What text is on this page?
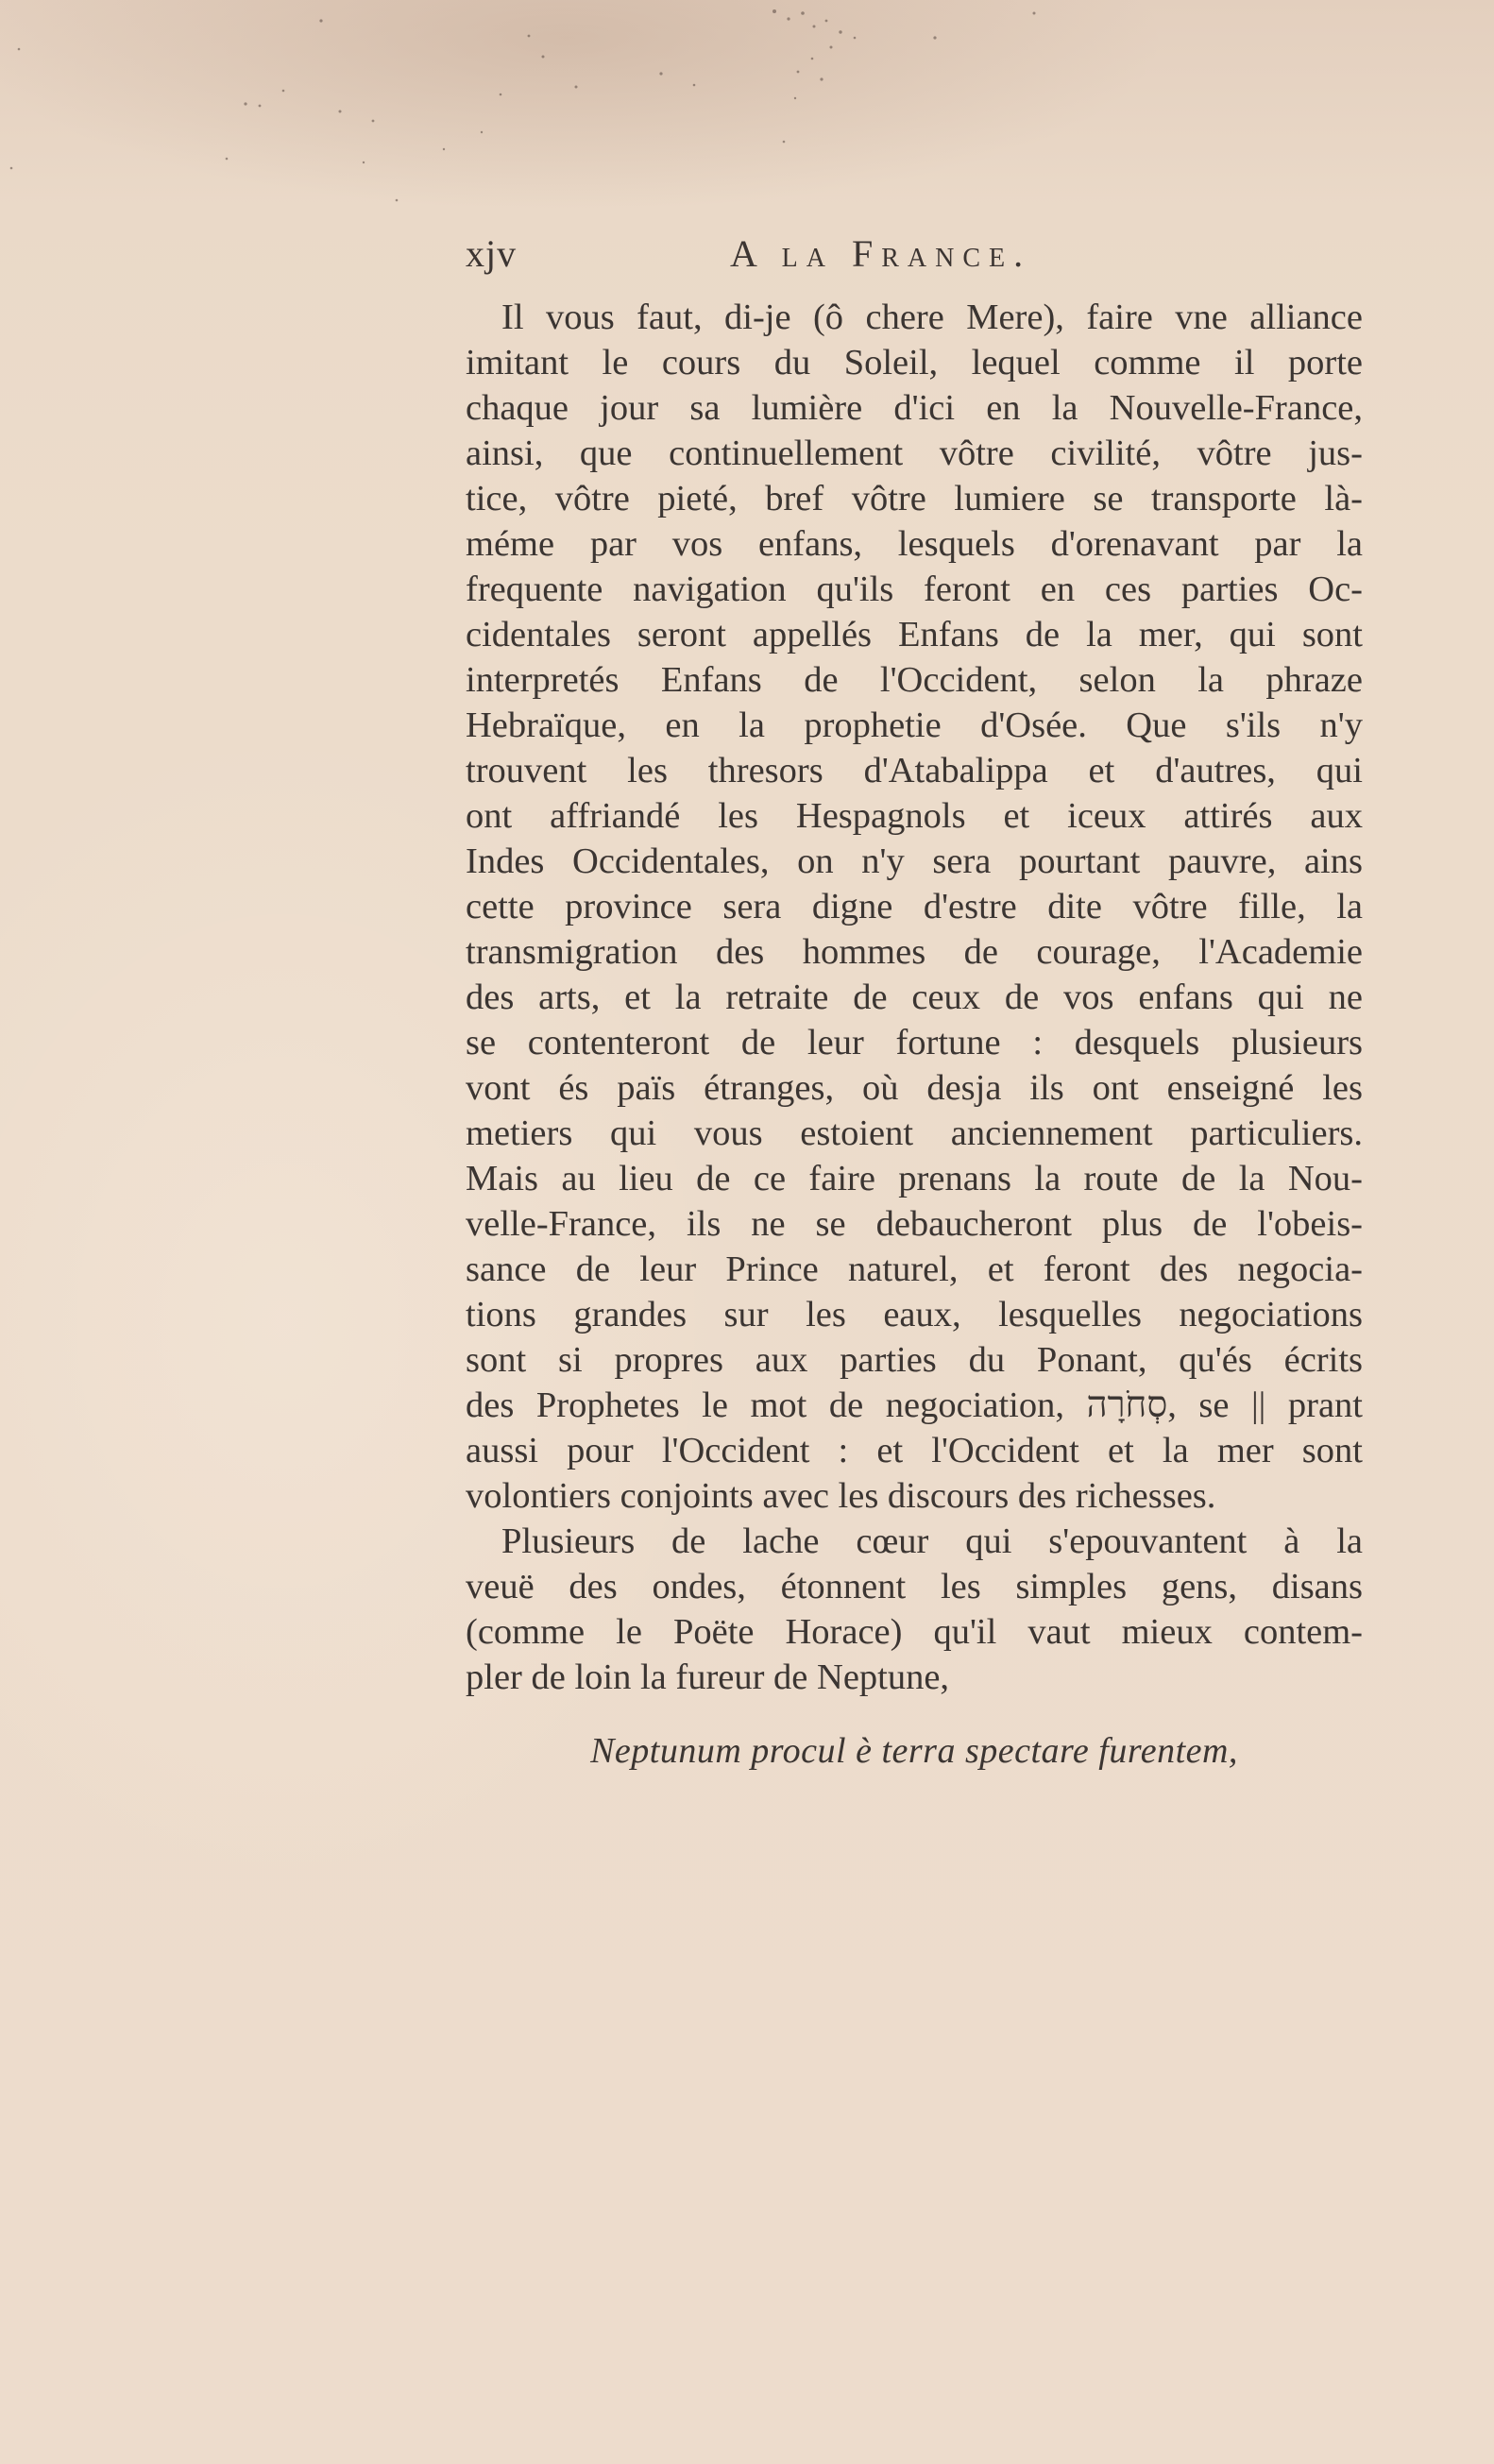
xjv	A la France.
Il vous faut, di-je (ô chere Mere), faire vne alliance
imitant le cours du Soleil, lequel comme il porte
chaque jour sa lumière d'ici en la Nouvelle-France,
ainsi, que continuellement vôtre civilité, vôtre jus-
tice, vôtre pieté, bref vôtre lumiere se transporte là-
méme par vos enfans, lesquels d'orenavant par la
frequente navigation qu'ils feront en ces parties Oc-
cidentales seront appellés Enfans de la mer, qui sont
interpretés Enfans de l'Occident, selon la phraze
Hebraïque, en la prophetie d'Osée. Que s'ils n'y
trouvent les thresors d'Atabalippa et d'autres, qui
ont affriandé les Hespagnols et iceux attirés aux
Indes Occidentales, on n'y sera pourtant pauvre, ains
cette province sera digne d'estre dite vôtre fille, la
transmigration des hommes de courage, l'Academie
des arts, et la retraite de ceux de vos enfans qui ne
se contenteront de leur fortune : desquels plusieurs
vont és païs étranges, où desja ils ont enseigné les
metiers qui vous estoient anciennement particuliers.
Mais au lieu de ce faire prenans la route de la Nou-
velle-France, ils ne se debaucheront plus de l'obeis-
sance de leur Prince naturel, et feront des negocia-
tions grandes sur les eaux, lesquelles negociations
sont si propres aux parties du Ponant, qu'és écrits
des Prophetes le mot de negociation, סְחֹרָה, se || prant
aussi pour l'Occident : et l'Occident et la mer sont
volontiers conjoints avec les discours des richesses.
Plusieurs de lache cœur qui s'epouvantent à la
veuë des ondes, étonnent les simples gens, disans
(comme le Poëte Horace) qu'il vaut mieux contem-
pler de loin la fureur de Neptune,
Neptunum procul è terra spectare furentem,
